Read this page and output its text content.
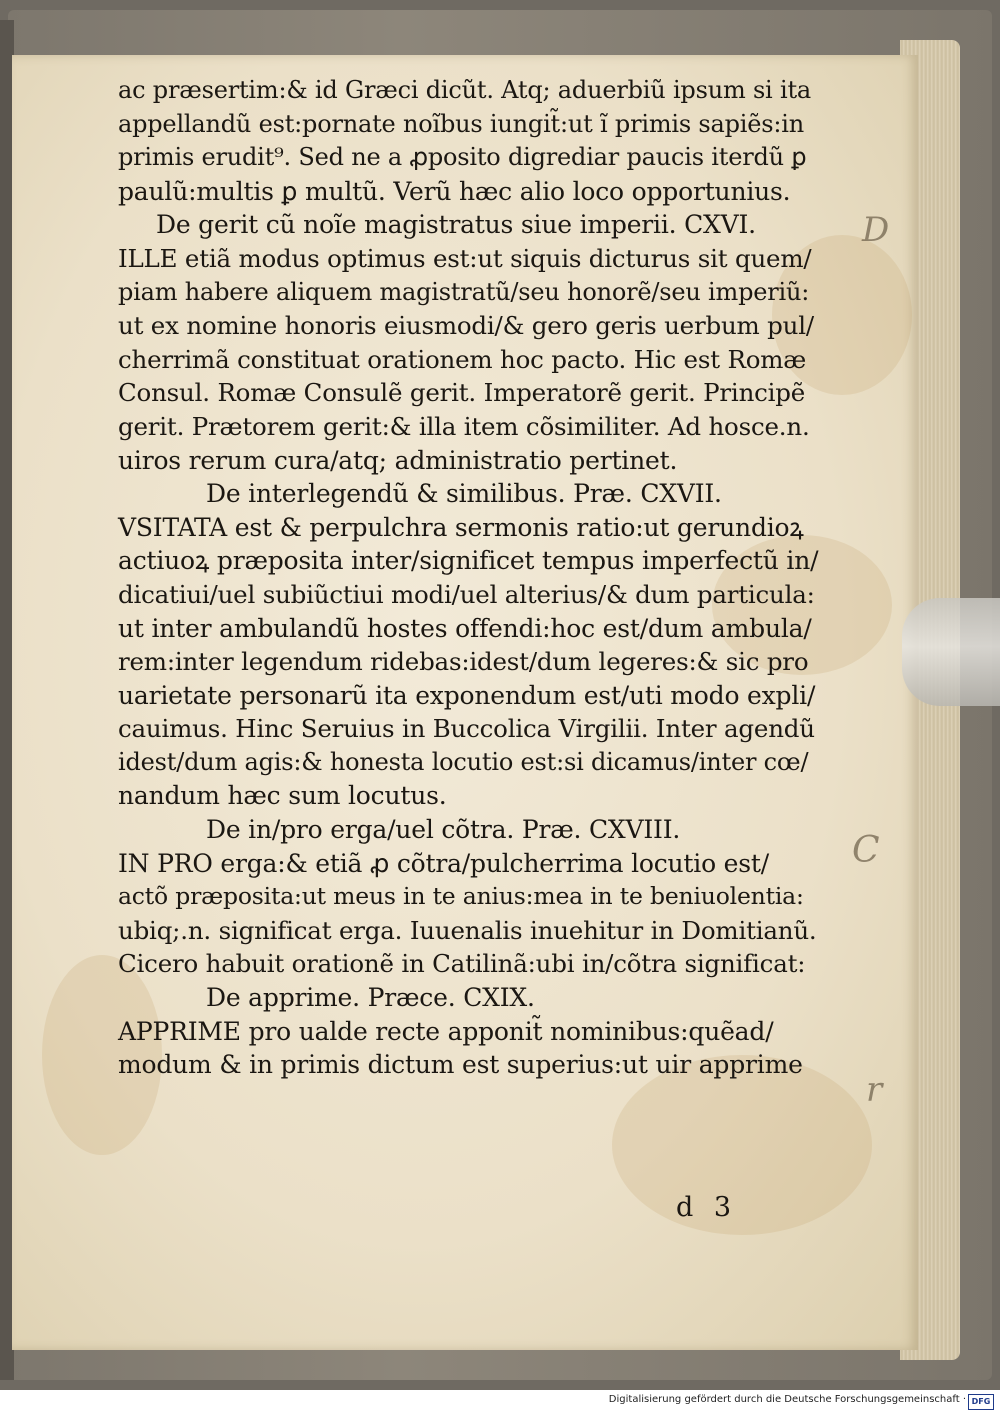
D
C
r
ac præsertim:& id Græci dicũt. Atq; aduerbiũ ipsum si ita
appellandũ est:pornate noĩbus iungit̃:ut ĩ primis sapiẽs:in
primis erudit⁹. Sed ne a ꝓposito digrediar paucis iterdũ ꝑ
paulũ:multis ꝑ multũ. Verũ hæc alio loco opportunius.
De gerit cũ noĩe magistratus siue imperii. CXVI.
ILLE etiã modus optimus est:ut siquis dicturus sit quem/
piam habere aliquem magistratũ/seu honorẽ/seu imperiũ:
ut ex nomine honoris eiusmodi/& gero geris uerbum pul/
cherrimã constituat orationem hoc pacto. Hic est Romæ
Consul. Romæ Consulẽ gerit. Imperatorẽ gerit. Principẽ
gerit. Prætorem gerit:& illa item cõsimiliter. Ad hosce.n.
uiros rerum cura/atq; administratio pertinet.
De interlegendũ & similibus. Præ. CXVII.
VSITATA est & perpulchra sermonis ratio:ut gerundioꝝ
actiuoꝝ præposita inter/significet tempus imperfectũ in/
dicatiui/uel subiũctiui modi/uel alterius/& dum particula:
ut inter ambulandũ hostes offendi:hoc est/dum ambula/
rem:inter legendum ridebas:idest/dum legeres:& sic pro
uarietate personarũ ita exponendum est/uti modo expli/
cauimus. Hinc Seruius in Buccolica Virgilii. Inter agendũ
idest/dum agis:& honesta locutio est:si dicamus/inter cœ/
nandum hæc sum locutus.
De in/pro erga/uel cõtra. Præ. CXVIII.
IN PRO erga:& etiã ꝓ cõtra/pulcherrima locutio est/
actõ præposita:ut meus in te anius:mea in te beniuolentia:
ubiq;.n. significat erga. Iuuenalis inuehitur in Domitianũ.
Cicero habuit orationẽ in Catilinã:ubi in/cõtra significat:
De apprime. Præce. CXIX.
APPRIME pro ualde recte apponit̃ nominibus:quẽad/
modum & in primis dictum est superius:ut uir apprime
d 3
Digitalisierung gefördert durch die Deutsche Forschungsgemeinschaft · DFG
